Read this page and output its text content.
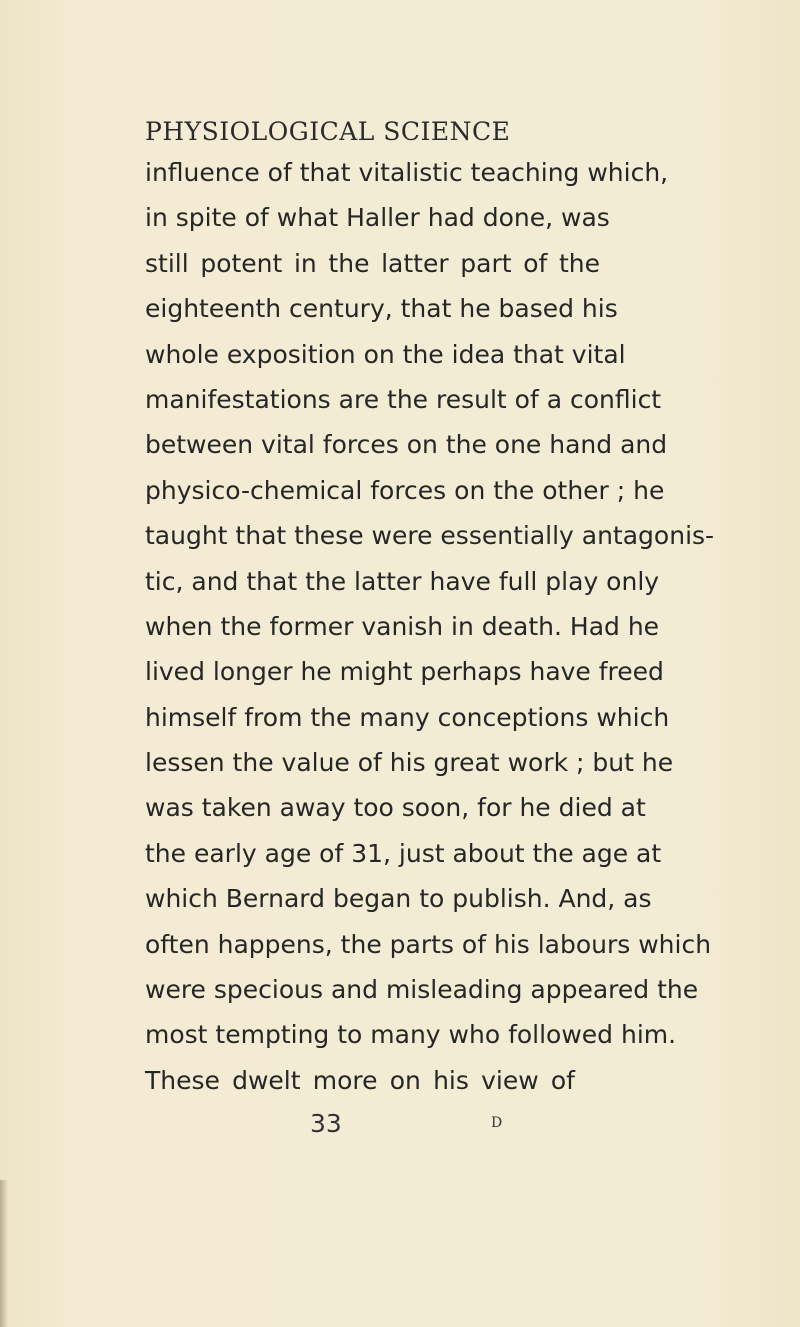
PHYSIOLOGICAL SCIENCE
influence of that vitalistic teaching which,
in spite of what Haller had done, was
still potent in the latter part of the
eighteenth century, that he based his
whole exposition on the idea that vital
manifestations are the result of a conflict
between vital forces on the one hand and
physico-chemical forces on the other ; he
taught that these were essentially antagonis-
tic, and that the latter have full play only
when the former vanish in death. Had he
lived longer he might perhaps have freed
himself from the many conceptions which
lessen the value of his great work ; but he
was taken away too soon, for he died at
the early age of 31, just about the age at
which Bernard began to publish. And, as
often happens, the parts of his labours which
were specious and misleading appeared the
most tempting to many who followed him.
These dwelt more on his view of
33	D
